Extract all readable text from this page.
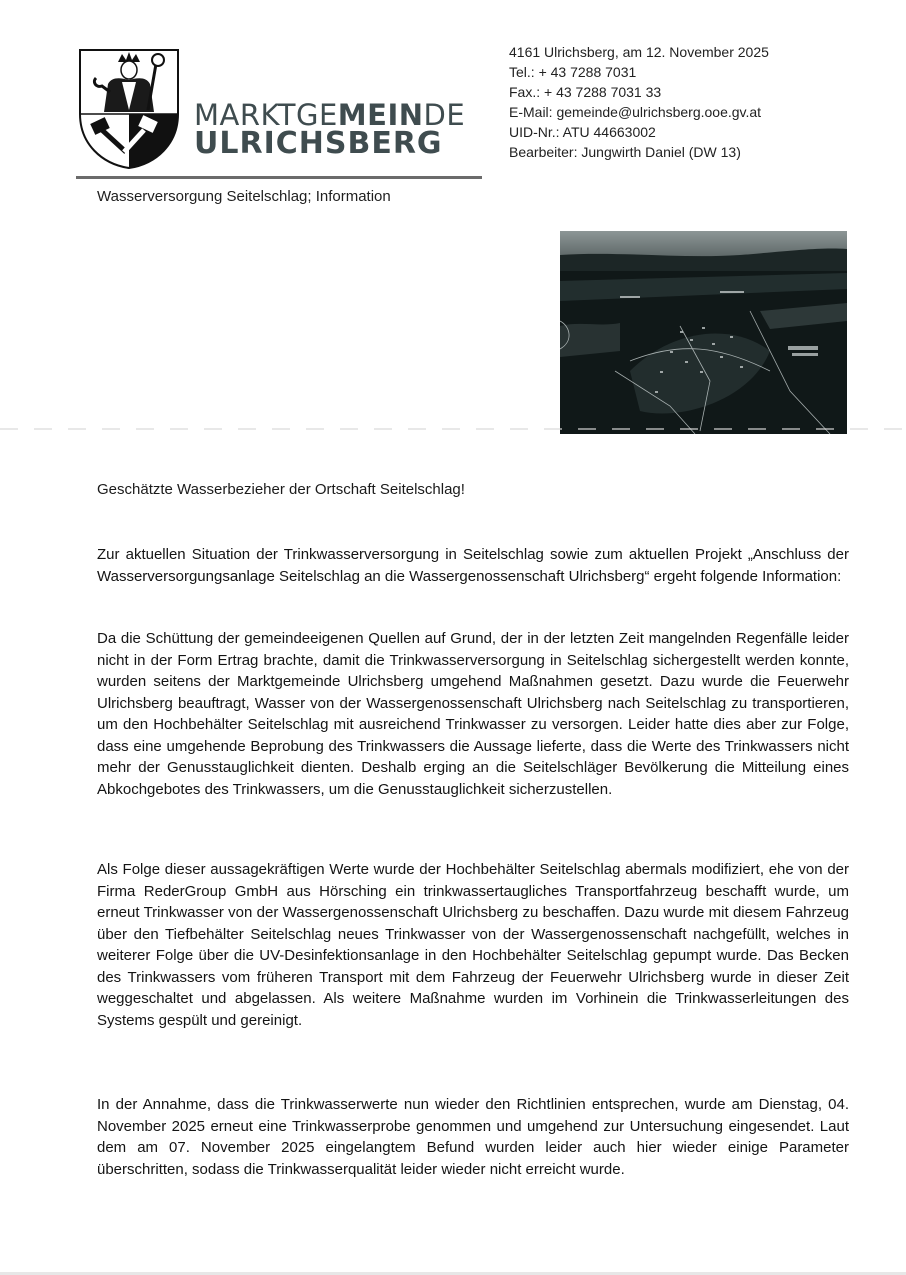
MARKTGEMEINDE
ULRICHSBERG
Wasserversorgung Seitelschlag; Information
4161 Ulrichsberg, am 12. November 2025
Tel.: + 43 7288 7031
Fax.: + 43 7288 7031 33
E-Mail: gemeinde@ulrichsberg.ooe.gv.at
UID-Nr.: ATU 44663002
Bearbeiter: Jungwirth Daniel (DW 13)
Geschätzte Wasserbezieher der Ortschaft Seitelschlag!

Zur aktuellen Situation der Trinkwasserversorgung in Seitelschlag sowie zum aktuellen Projekt „Anschluss der Wasserversorgungsanlage Seitelschlag an die Wassergenossenschaft Ulrichsberg“ ergeht folgende Information:

Da die Schüttung der gemeindeeigenen Quellen auf Grund, der in der letzten Zeit mangelnden Regenfälle leider nicht in der Form Ertrag brachte, damit die Trinkwasserversorgung in Seitelschlag sichergestellt werden konnte, wurden seitens der Marktgemeinde Ulrichsberg umgehend Maßnahmen gesetzt. Dazu wurde die Feuerwehr Ulrichsberg beauftragt, Wasser von der Wassergenossenschaft Ulrichsberg nach Seitelschlag zu transportieren, um den Hochbehälter Seitelschlag mit ausreichend Trinkwasser zu versorgen. Leider hatte dies aber zur Folge, dass eine umgehende Beprobung des Trinkwassers die Aussage lieferte, dass die Werte des Trinkwassers nicht mehr der Genusstauglichkeit dienten. Deshalb erging an die Seitelschläger Bevölkerung die Mitteilung eines Abkochgebotes des Trinkwassers, um die Genusstauglichkeit sicherzustellen.

Als Folge dieser aussagekräftigen Werte wurde der Hochbehälter Seitelschlag abermals modifiziert, ehe von der Firma RederGroup GmbH aus Hörsching ein trinkwassertaugliches Transportfahrzeug beschafft wurde, um erneut Trinkwasser von der Wassergenossenschaft Ulrichsberg zu beschaffen. Dazu wurde mit diesem Fahrzeug über den Tiefbehälter Seitelschlag neues Trinkwasser von der Wassergenossenschaft nachgefüllt, welches in weiterer Folge über die UV-Desinfektionsanlage in den Hochbehälter Seitelschlag gepumpt wurde. Das Becken des Trinkwassers vom früheren Transport mit dem Fahrzeug der Feuerwehr Ulrichsberg wurde in dieser Zeit weggeschaltet und abgelassen. Als weitere Maßnahme wurden im Vorhinein die Trinkwasserleitungen des Systems gespült und gereinigt.

In der Annahme, dass die Trinkwasserwerte nun wieder den Richtlinien entsprechen, wurde am Dienstag, 04. November 2025 erneut eine Trinkwasserprobe genommen und umgehend zur Untersuchung eingesendet. Laut dem am 07. November 2025 eingelangtem Befund wurden leider auch hier wieder einige Parameter überschritten, sodass die Trinkwasserqualität leider wieder nicht erreicht wurde.
